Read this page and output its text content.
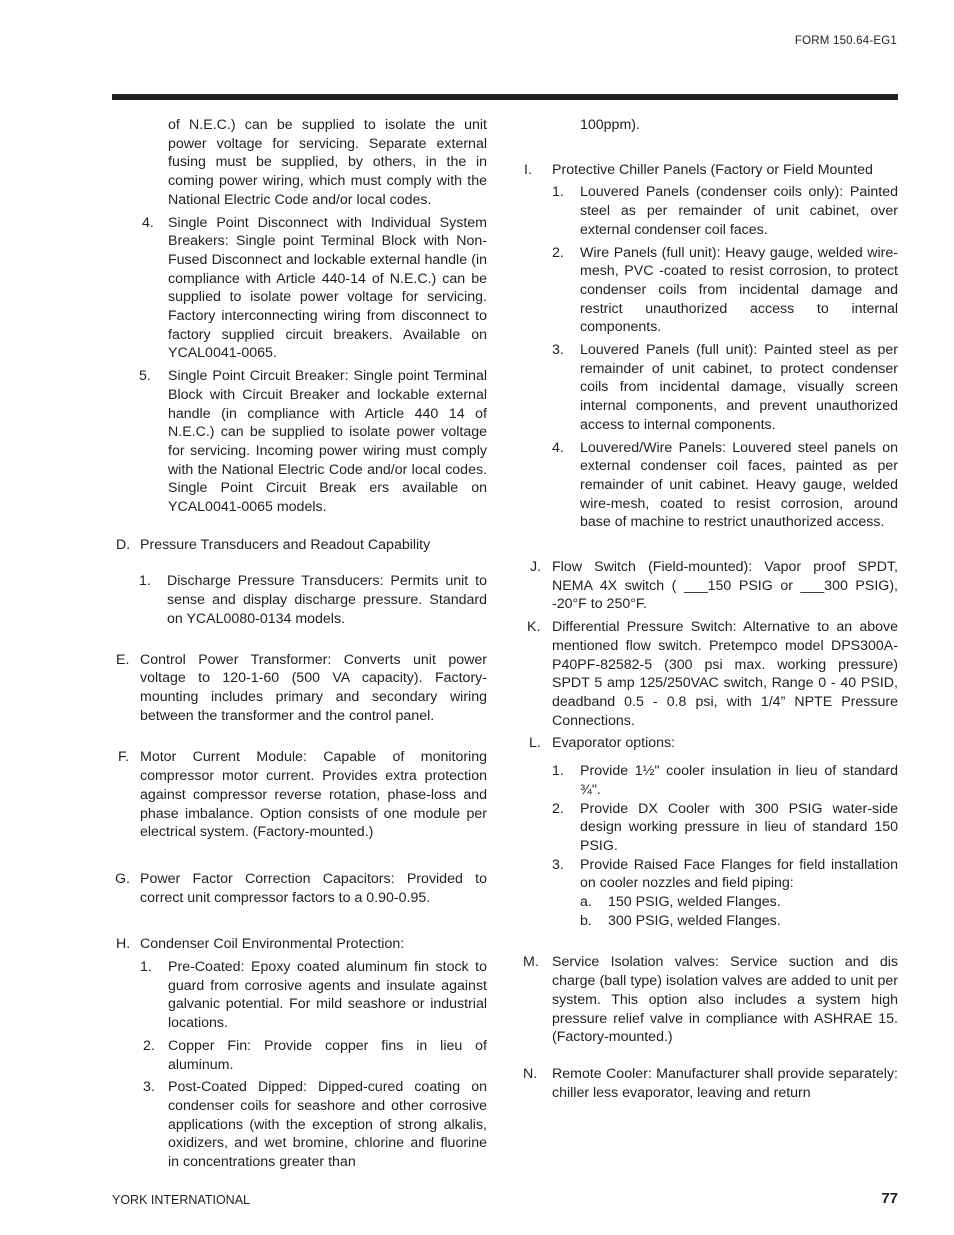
FORM 150.64-EG1
of N.E.C.) can be supplied to isolate the unit power voltage for servicing. Separate external fusing must be supplied, by others, in the in coming power wiring, which must comply with the National Electric Code and/or local codes.
4. Single Point Disconnect with Individual System Breakers: Single point Terminal Block with Non-Fused Disconnect and lockable external handle (in compliance with Article 440-14 of N.E.C.) can be supplied to isolate power voltage for servicing. Factory interconnecting wiring from disconnect to factory supplied circuit breakers. Available on YCAL0041-0065.
5. Single Point Circuit Breaker: Single point Terminal Block with Circuit Breaker and lockable external handle (in compliance with Article 440 14 of N.E.C.) can be supplied to isolate power voltage for servicing. Incoming power wiring must comply with the National Electric Code and/or local codes. Single Point Circuit Break ers available on YCAL0041-0065 models.
D. Pressure Transducers and Readout Capability
1. Discharge Pressure Transducers: Permits unit to sense and display discharge pressure. Standard on YCAL0080-0134 models.
E. Control Power Transformer: Converts unit power voltage to 120-1-60 (500 VA capacity). Factory-mounting includes primary and secondary wiring between the transformer and the control panel.
F. Motor Current Module: Capable of monitoring compressor motor current. Provides extra protection against compressor reverse rotation, phase-loss and phase imbalance. Option consists of one module per electrical system. (Factory-mounted.)
G. Power Factor Correction Capacitors: Provided to correct unit compressor factors to a 0.90-0.95.
H. Condenser Coil Environmental Protection:
1. Pre-Coated: Epoxy coated aluminum fin stock to guard from corrosive agents and insulate against galvanic potential. For mild seashore or industrial locations.
2. Copper Fin: Provide copper fins in lieu of aluminum.
3. Post-Coated Dipped: Dipped-cured coating on condenser coils for seashore and other corrosive applications (with the exception of strong alkalis, oxidizers, and wet bromine, chlorine and fluorine in concentrations greater than
100ppm).
I. Protective Chiller Panels (Factory or Field Mounted
1. Louvered Panels (condenser coils only): Painted steel as per remainder of unit cabinet, over external condenser coil faces.
2. Wire Panels (full unit): Heavy gauge, welded wire-mesh, PVC -coated to resist corrosion, to protect condenser coils from incidental damage and restrict unauthorized access to internal components.
3. Louvered Panels (full unit): Painted steel as per remainder of unit cabinet, to protect condenser coils from incidental damage, visually screen internal components, and prevent unauthorized access to internal components.
4. Louvered/Wire Panels: Louvered steel panels on external condenser coil faces, painted as per remainder of unit cabinet. Heavy gauge, welded wire-mesh, coated to resist corrosion, around base of machine to restrict unauthorized access.
J. Flow Switch (Field-mounted): Vapor proof SPDT, NEMA 4X switch ( ___150 PSIG or ___300 PSIG), -20°F to 250°F.
K. Differential Pressure Switch: Alternative to an above mentioned flow switch. Pretempco model DPS300A-P40PF-82582-5 (300 psi max. working pressure) SPDT 5 amp 125/250VAC switch, Range 0 - 40 PSID, deadband 0.5 - 0.8 psi, with 1/4” NPTE Pressure Connections.
L. Evaporator options:
1. Provide 1½" cooler insulation in lieu of standard ¾".
2. Provide DX Cooler with 300 PSIG water-side design working pressure in lieu of standard 150 PSIG.
3. Provide Raised Face Flanges for field installation on cooler nozzles and field piping:
a. 150 PSIG, welded Flanges.
b. 300 PSIG, welded Flanges.
M. Service Isolation valves: Service suction and dis charge (ball type) isolation valves are added to unit per system. This option also includes a system high pressure relief valve in compliance with ASHRAE 15. (Factory-mounted.)
N. Remote Cooler: Manufacturer shall provide separately: chiller less evaporator, leaving and return
YORK INTERNATIONAL	77
